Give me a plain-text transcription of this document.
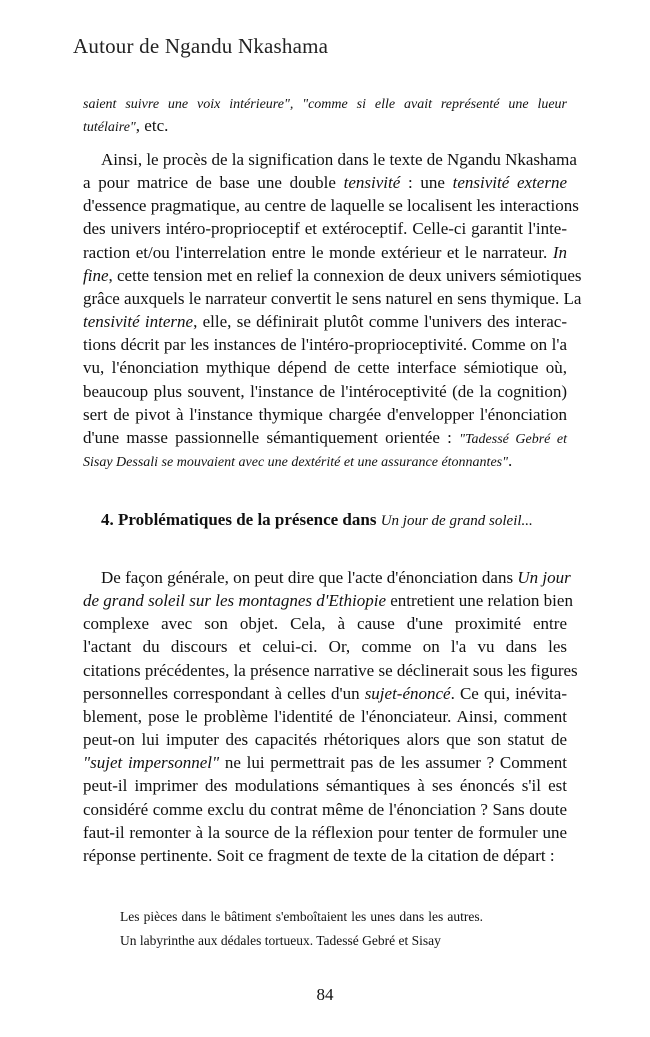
Autour de Ngandu Nkashama
saient suivre une voix intérieure", "comme si elle avait représenté une lueur
tutélaire", etc.
Ainsi, le procès de la signification dans le texte de Ngandu Nkashama
a pour matrice de base une double tensivité : une tensivité externe
d'essence pragmatique, au centre de laquelle se localisent les interactions
des univers intéro-proprioceptif et extéroceptif. Celle-ci garantit l'inte-
raction et/ou l'interrelation entre le monde extérieur et le narrateur. In
fine, cette tension met en relief la connexion de deux univers sémiotiques
grâce auxquels le narrateur convertit le sens naturel en sens thymique. La
tensivité interne, elle, se définirait plutôt comme l'univers des interac-
tions décrit par les instances de l'intéro-proprioceptivité. Comme on l'a
vu, l'énonciation mythique dépend de cette interface sémiotique où,
beaucoup plus souvent, l'instance de l'intéroceptivité (de la cognition)
sert de pivot à l'instance thymique chargée d'envelopper l'énonciation
d'une masse passionnelle sémantiquement orientée : "Tadessé Gebré et
Sisay Dessali se mouvaient avec une dextérité et une assurance étonnantes".
De façon générale, on peut dire que l'acte d'énonciation dans Un jour
de grand soleil sur les montagnes d'Ethiopie entretient une relation bien
complexe avec son objet. Cela, à cause d'une proximité entre
l'actant du discours et celui-ci. Or, comme on l'a vu dans les
citations précédentes, la présence narrative se déclinerait sous les figures
personnelles correspondant à celles d'un sujet-énoncé. Ce qui, inévita-
blement, pose le problème l'identité de l'énonciateur. Ainsi, comment
peut-on lui imputer des capacités rhétoriques alors que son statut de
"sujet impersonnel" ne lui permettrait pas de les assumer ? Comment
peut-il imprimer des modulations sémantiques à ses énoncés s'il est
considéré comme exclu du contrat même de l'énonciation ? Sans doute
faut-il remonter à la source de la réflexion pour tenter de formuler une
réponse pertinente. Soit ce fragment de texte de la citation de départ :
4. Problématiques de la présence dans Un jour de grand soleil...
Les pièces dans le bâtiment s'emboîtaient les unes dans les autres.
Un labyrinthe aux dédales tortueux. Tadessé Gebré et Sisay
84
